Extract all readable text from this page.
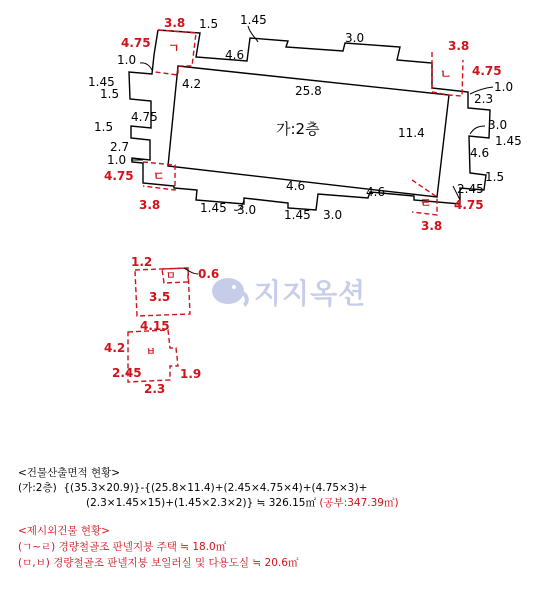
ㄱ
ㄴ
ㄷ
ㄹ
가:2층
3.8
4.75
1.5 1.45
4.6
3.0
1.0
1.45
1.5
4.2	25.8
3.8
4.75
1.0
2.3
3.0
1.45
4.6
1.5
2.45
4.75
3.8
11.4
1.5
4.75
2.7
1.0
4.75
3.8	1.45 3.0
4.6
1.45 3.0
4.6
ㅁ
1.2
0.6
3.5
ㅂ
4.15
4.2
2.45	1.9
2.3
지지옥션
<건물산출면적 현황>
(가:2층)  {(35.3×20.9)}-{(25.8×11.4)+(2.45×4.75×4)+(4.75×3)+
(2.3×1.45×15)+(1.45×2.3×2)} ≒ 326.15㎡ (공부:347.39㎡)
<제시외건물 현황>
(ㄱ~ㄹ) 경량철골조 판넬지붕 주택 ≒ 18.0㎡
(ㅁ,ㅂ) 경량철골조 판넬지붕 보일러실 및 다용도실 ≒ 20.6㎡
